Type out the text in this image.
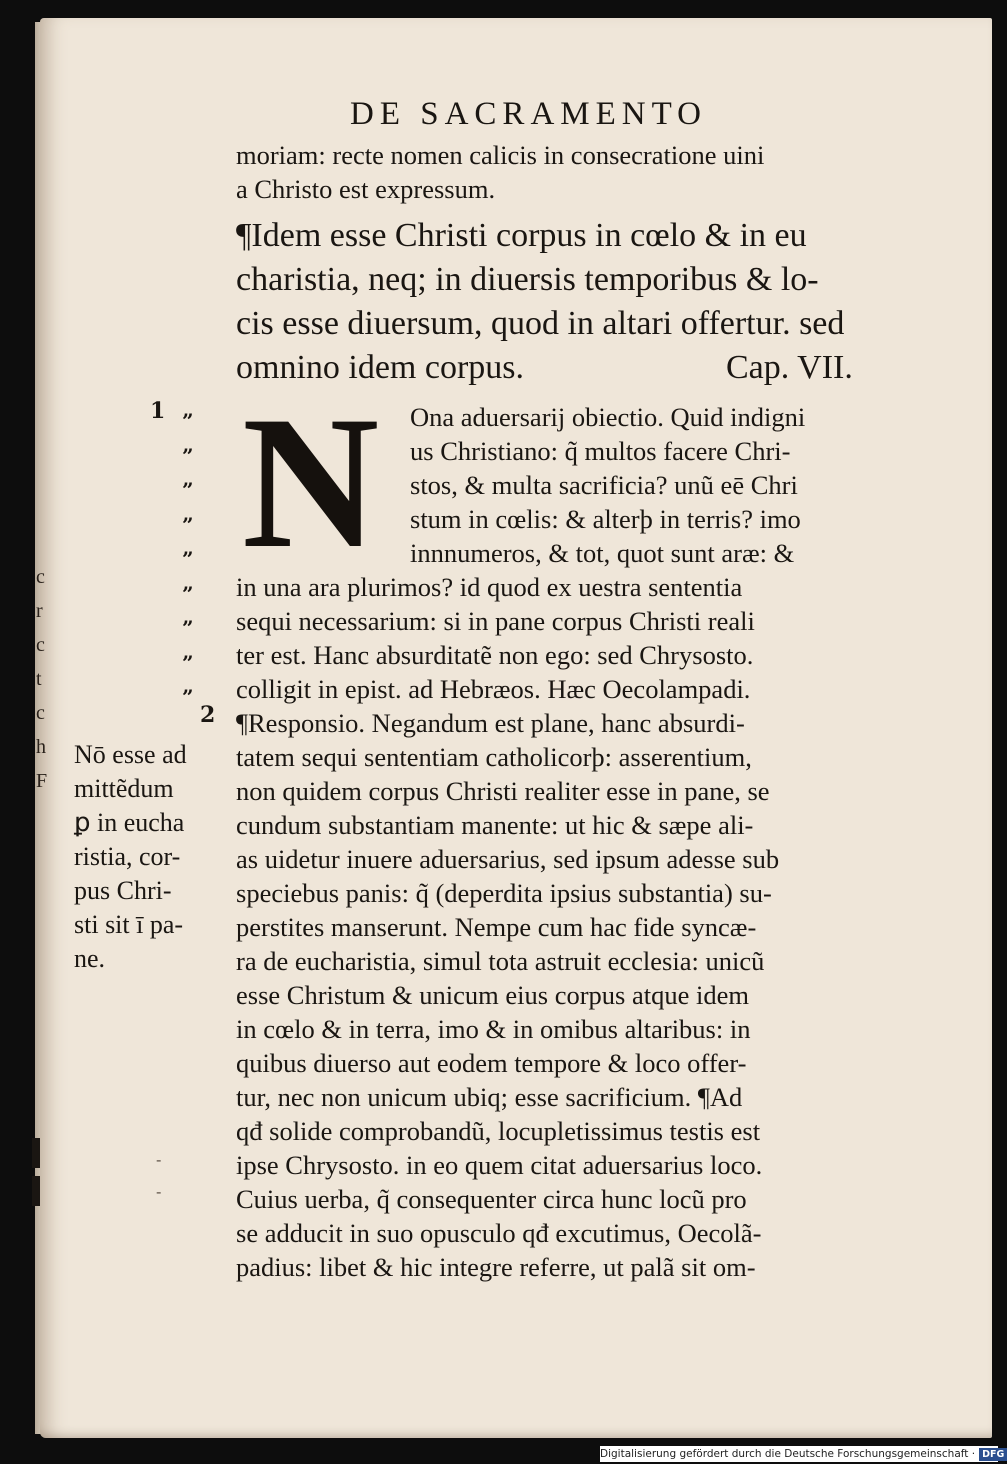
DE SACRAMENTO
moriam: recte nomen calicis in consecratione uini
a Christo est expressum.
¶Idem esse Christi corpus in cœlo & in eu
charistia, neq; in diuersis temporibus & lo-
cis esse diuersum, quod in altari offertur. sed
omnino idem corpus.	Cap. VII.
Ona aduersarij obiectio. Quid indigni
us Christiano: q̃ multos facere Chri-
stos, & multa sacrificia? unũ eē Chri
stum in cœlis: & alterþ in terris? imo
innnumeros, & tot, quot sunt aræ: &
in una ara plurimos? id quod ex uestra sententia
sequi necessarium: si in pane corpus Christi reali
ter est. Hanc absurditatẽ non ego: sed Chrysosto.
colligit in epist. ad Hebræos. Hæc Oecolampadi.
¶Responsio. Negandum est plane, hanc absurdi-
tatem sequi sententiam catholicorþ: asserentium,
non quidem corpus Christi realiter esse in pane, se
cundum substantiam manente: ut hic & sæpe ali-
as uidetur inuere aduersarius, sed ipsum adesse sub
speciebus panis: q̃ (deperdita ipsius substantia) su-
perstites manserunt. Nempe cum hac fide syncæ-
ra de eucharistia, simul tota astruit ecclesia: unicũ
esse Christum & unicum eius corpus atque idem
in cœlo & in terra, imo & in omibus altaribus: in
quibus diuerso aut eodem tempore & loco offer-
tur, nec non unicum ubiq; esse sacrificium. ¶Ad
qđ solide comprobandũ, locupletissimus testis est
ipse Chrysosto. in eo quem citat aduersarius loco.
Cuius uerba, q̃ consequenter circa hunc locũ pro
se adducit in suo opusculo qđ excutimus, Oecolã-
padius: libet & hic integre referre, ut palã sit om-
N
1
2
”
”
”
”
”
”
”
”
”
c
r
c
t
c
h
F
Nō esse ad
mittẽdum
ꝑ in eucha
ristia, cor-
pus Chri-
sti sit ī pa-
ne.
-
-
Digitalisierung gefördert durch die Deutsche Forschungsgemeinschaft · DFG
